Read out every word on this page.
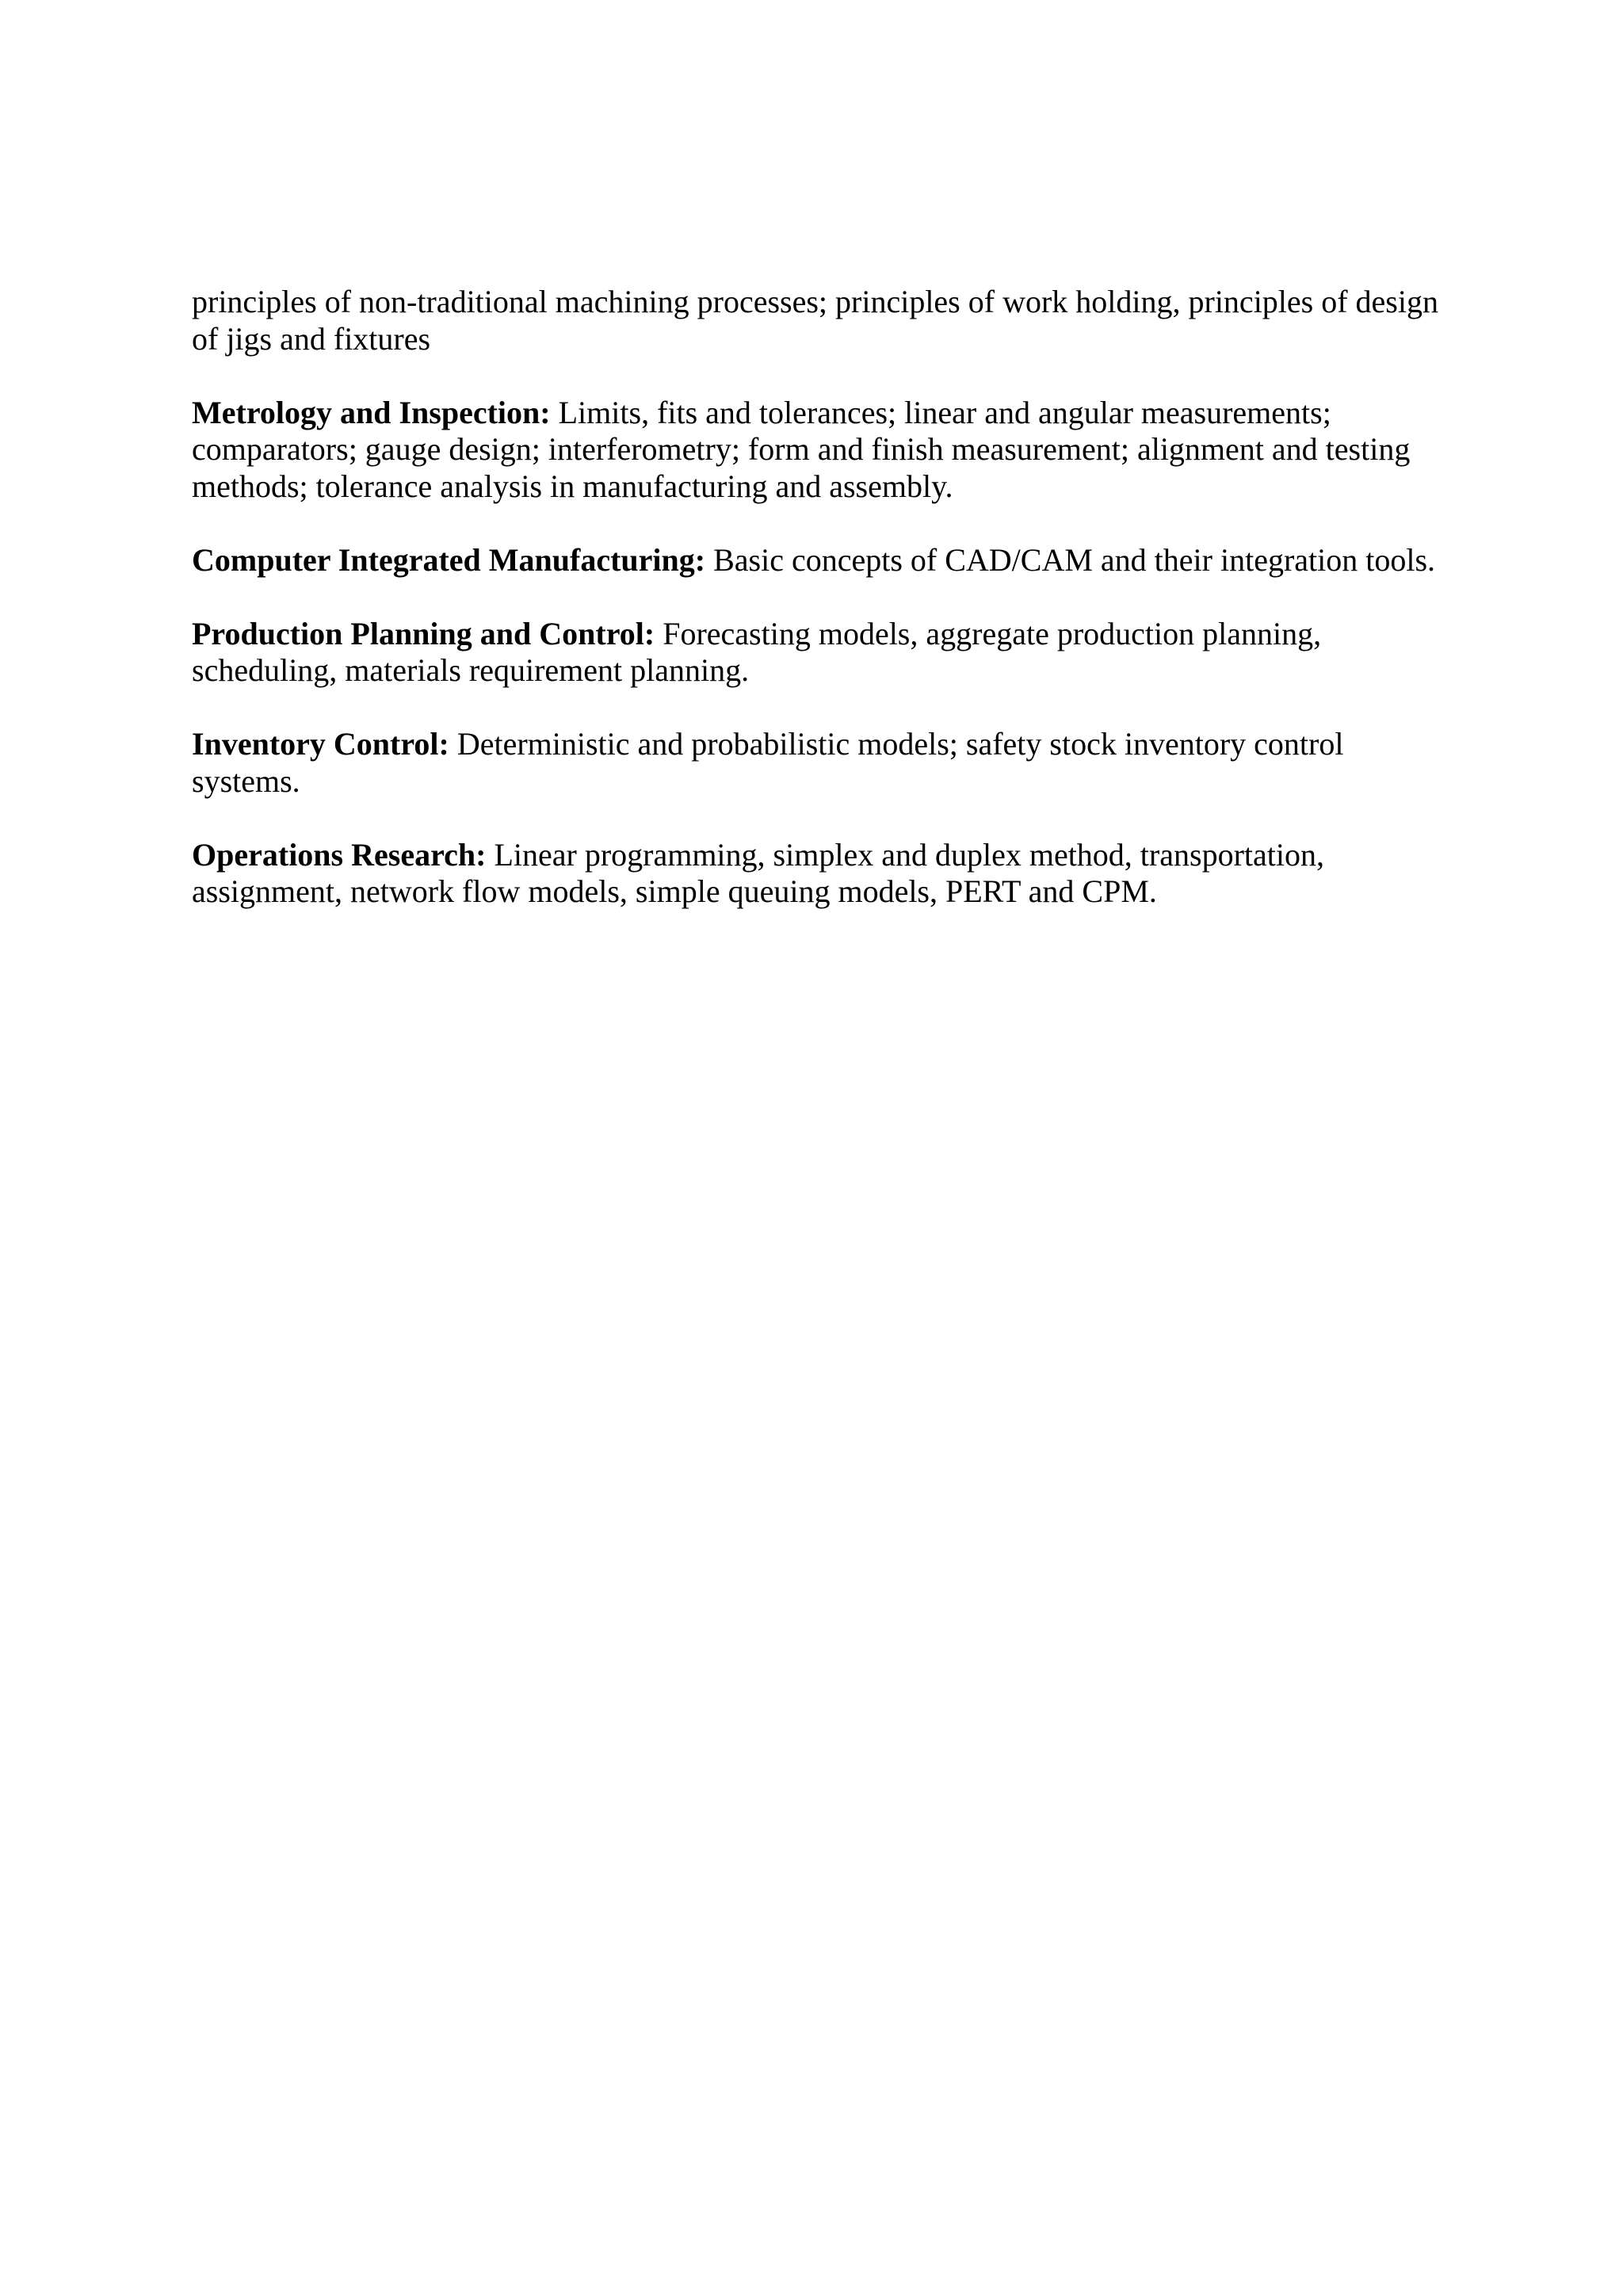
principles of non-traditional machining processes; principles of work holding, principles of design of jigs and fixtures

Metrology and Inspection: Limits, fits and tolerances; linear and angular measurements; comparators; gauge design; interferometry; form and finish measurement; alignment and testing methods; tolerance analysis in manufacturing and assembly.

Computer Integrated Manufacturing: Basic concepts of CAD/CAM and their integration tools.

Production Planning and Control: Forecasting models, aggregate production planning, scheduling, materials requirement planning.

Inventory Control: Deterministic and probabilistic models; safety stock inventory control systems.

Operations Research: Linear programming, simplex and duplex method, transportation, assignment, network flow models, simple queuing models, PERT and CPM.
